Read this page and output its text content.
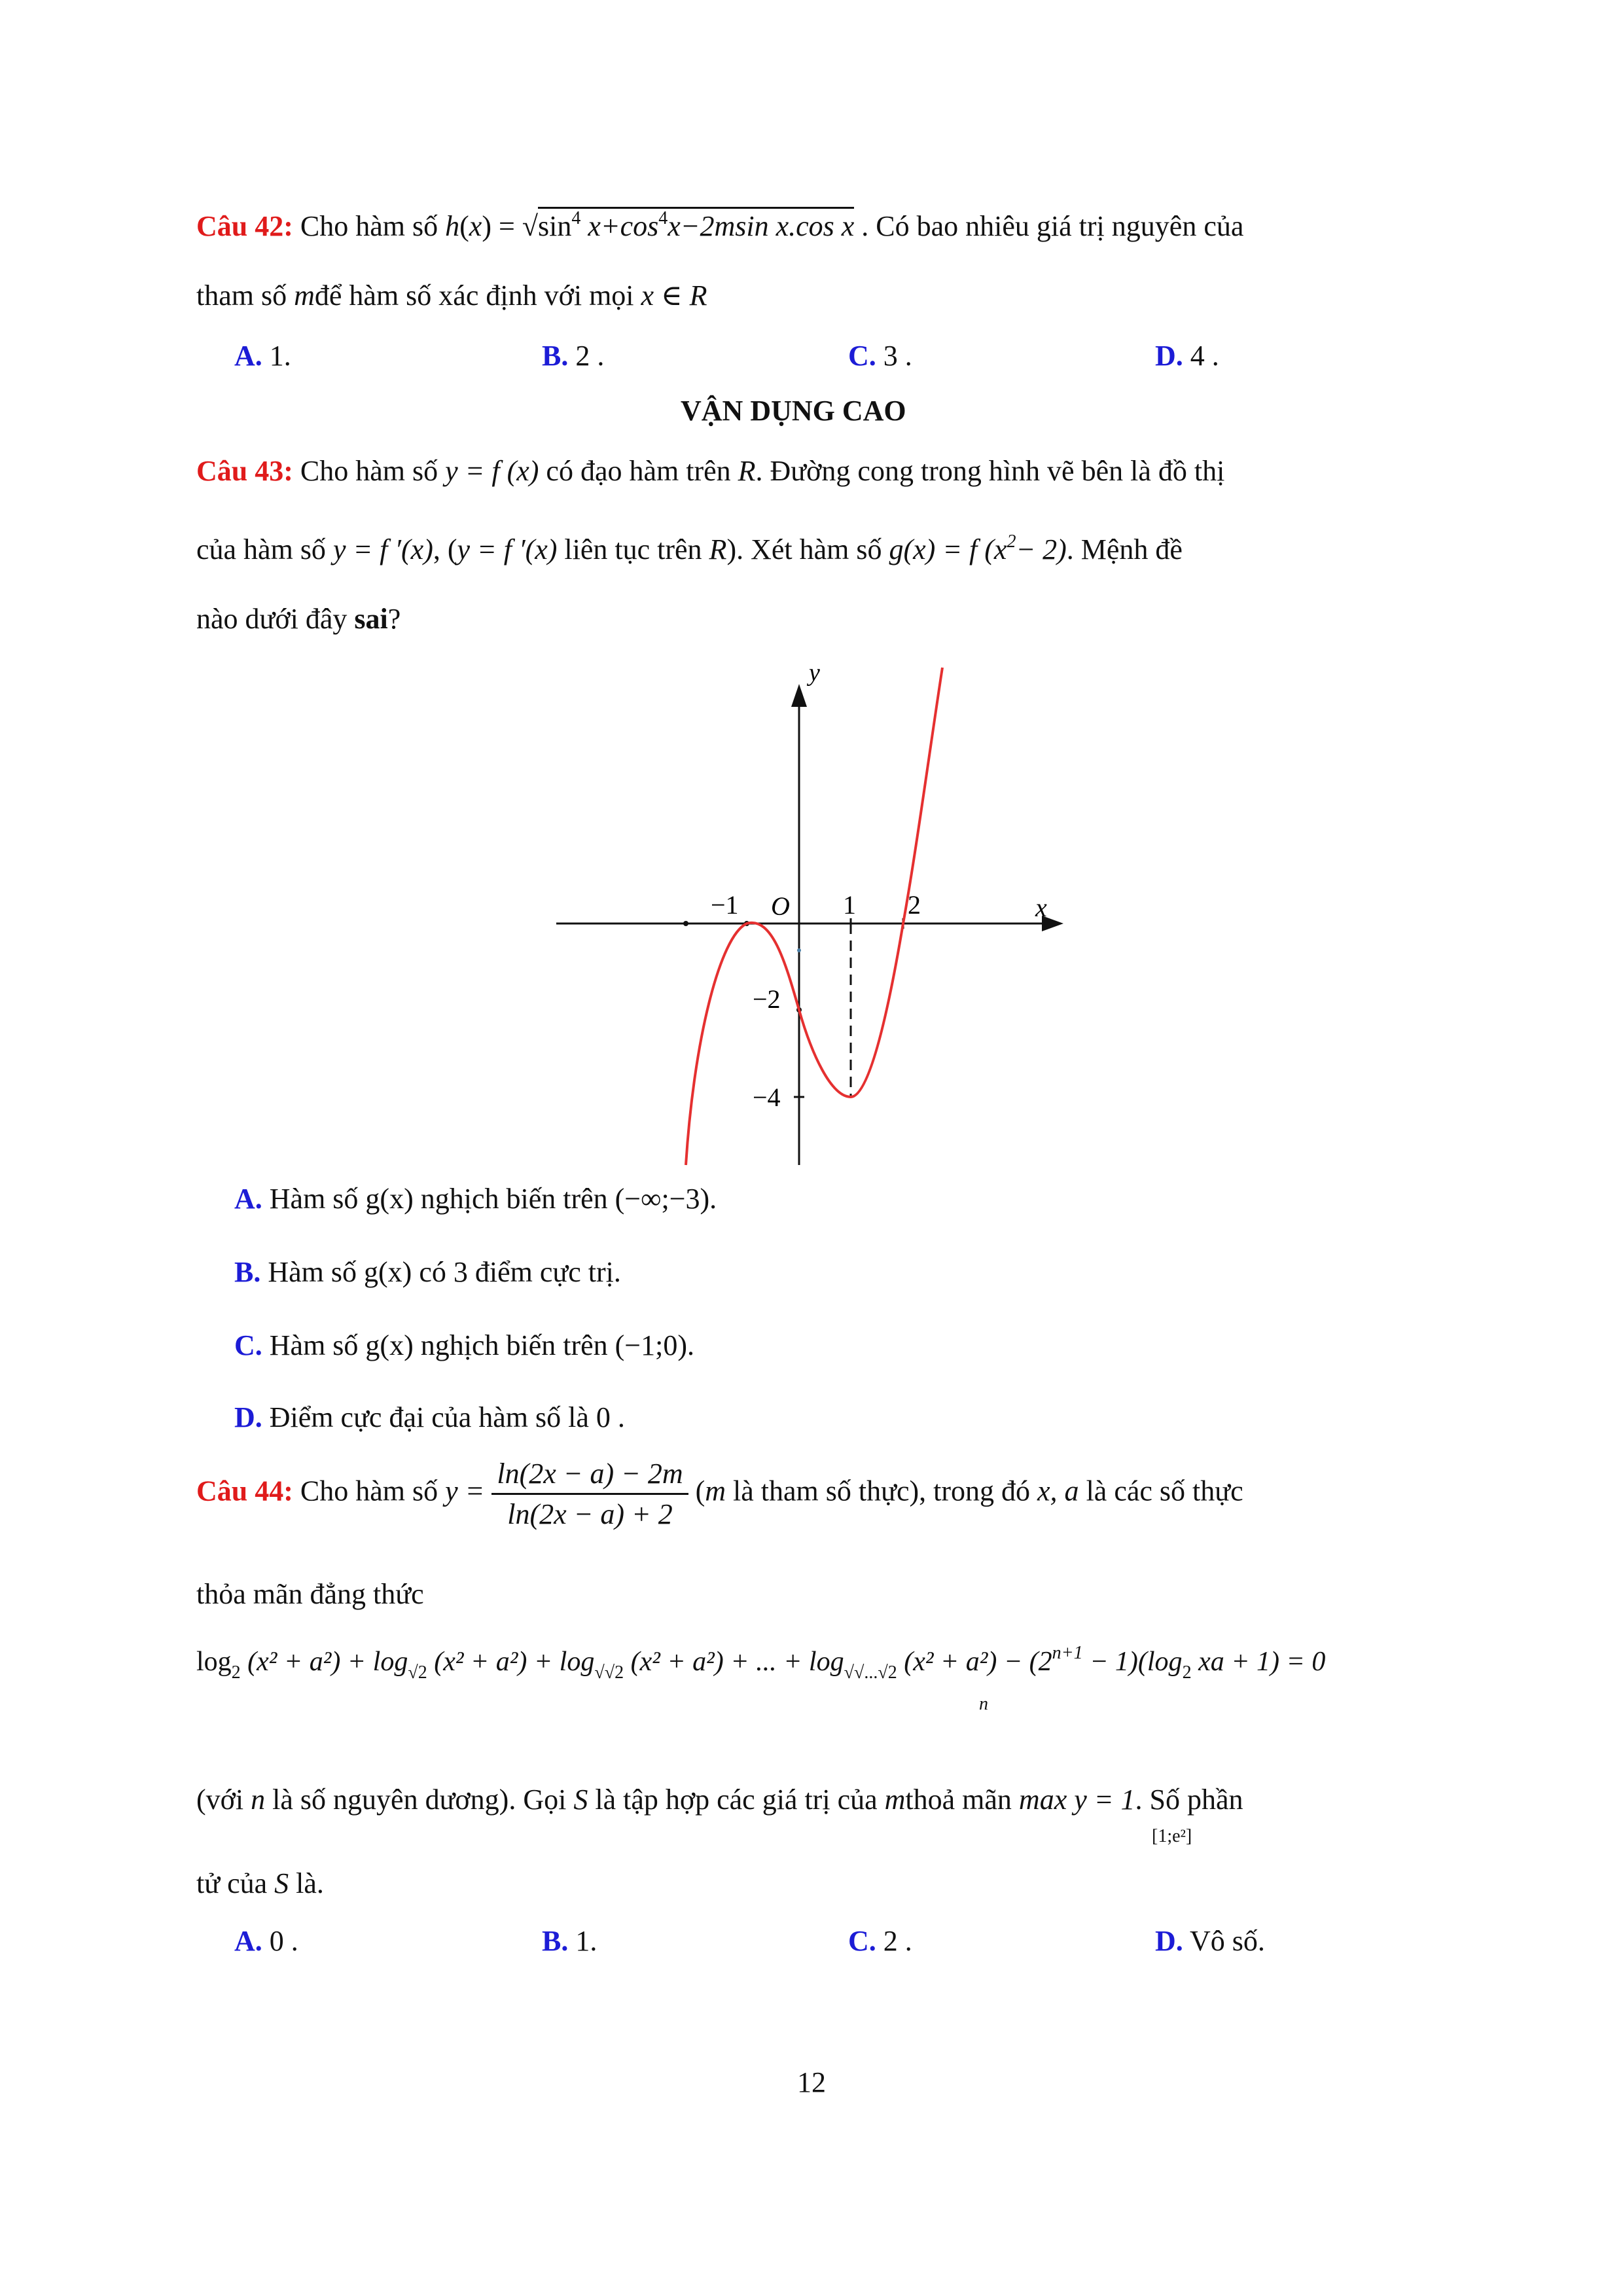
Câu 42: Cho hàm số $h(x) = √\sin^4$ $x+\cos^4x-2msin$ x.cos x . Có bao nhiêu giá trị nguyên của
tham số mđể hàm số xác định với mọi x ∈ R
A. 1.	B. 2 .	C. 3 .	D. 4 .
VẬN DỤNG CAO
Câu 43: Cho hàm số y = f (x) có đạo hàm trên R. Đường cong trong hình vẽ bên là đồ thị
của hàm số y = f ′(x), (y = f ′(x) liên tục trên R). Xét hàm số g(x) = f $(x^2- 2)$. Mệnh đề
nào dưới đây sai?
y
x
O
−1	1 2
−2
−4
A. Hàm số g(x) nghịch biến trên (−∞;−3).
B. Hàm số g(x) có 3 điểm cực trị.
C. Hàm số g(x) nghịch biến trên (−1;0).
D. Điểm cực đại của hàm số là 0 .
Câu 44: Cho hàm số $y = \frac{\ln(2x - a) - 2m}{\ln(2x - a) + 2} (m$ là tham số thực), trong đó x, a là các số thực
thỏa mãn đẳng thức
$\log_2 (x^2 + a^2) + \log_{√2} (x^2 + a^2) + \log_{√√2} (x^2 + a^2)$ + ... + $\log_{√√...√2} (x^2 + a^2) - (2^{n+1} - 1)(\log_2$ xa + 1) = 0
n
(với n là số nguyên dương). Gọi S là tập hợp các giá trị của mthoả mãn max y = 1. Số phần
[1;e²]
tử của S là.
A. 0 .	B. 1.	C. 2 .	D. Vô số.
12
